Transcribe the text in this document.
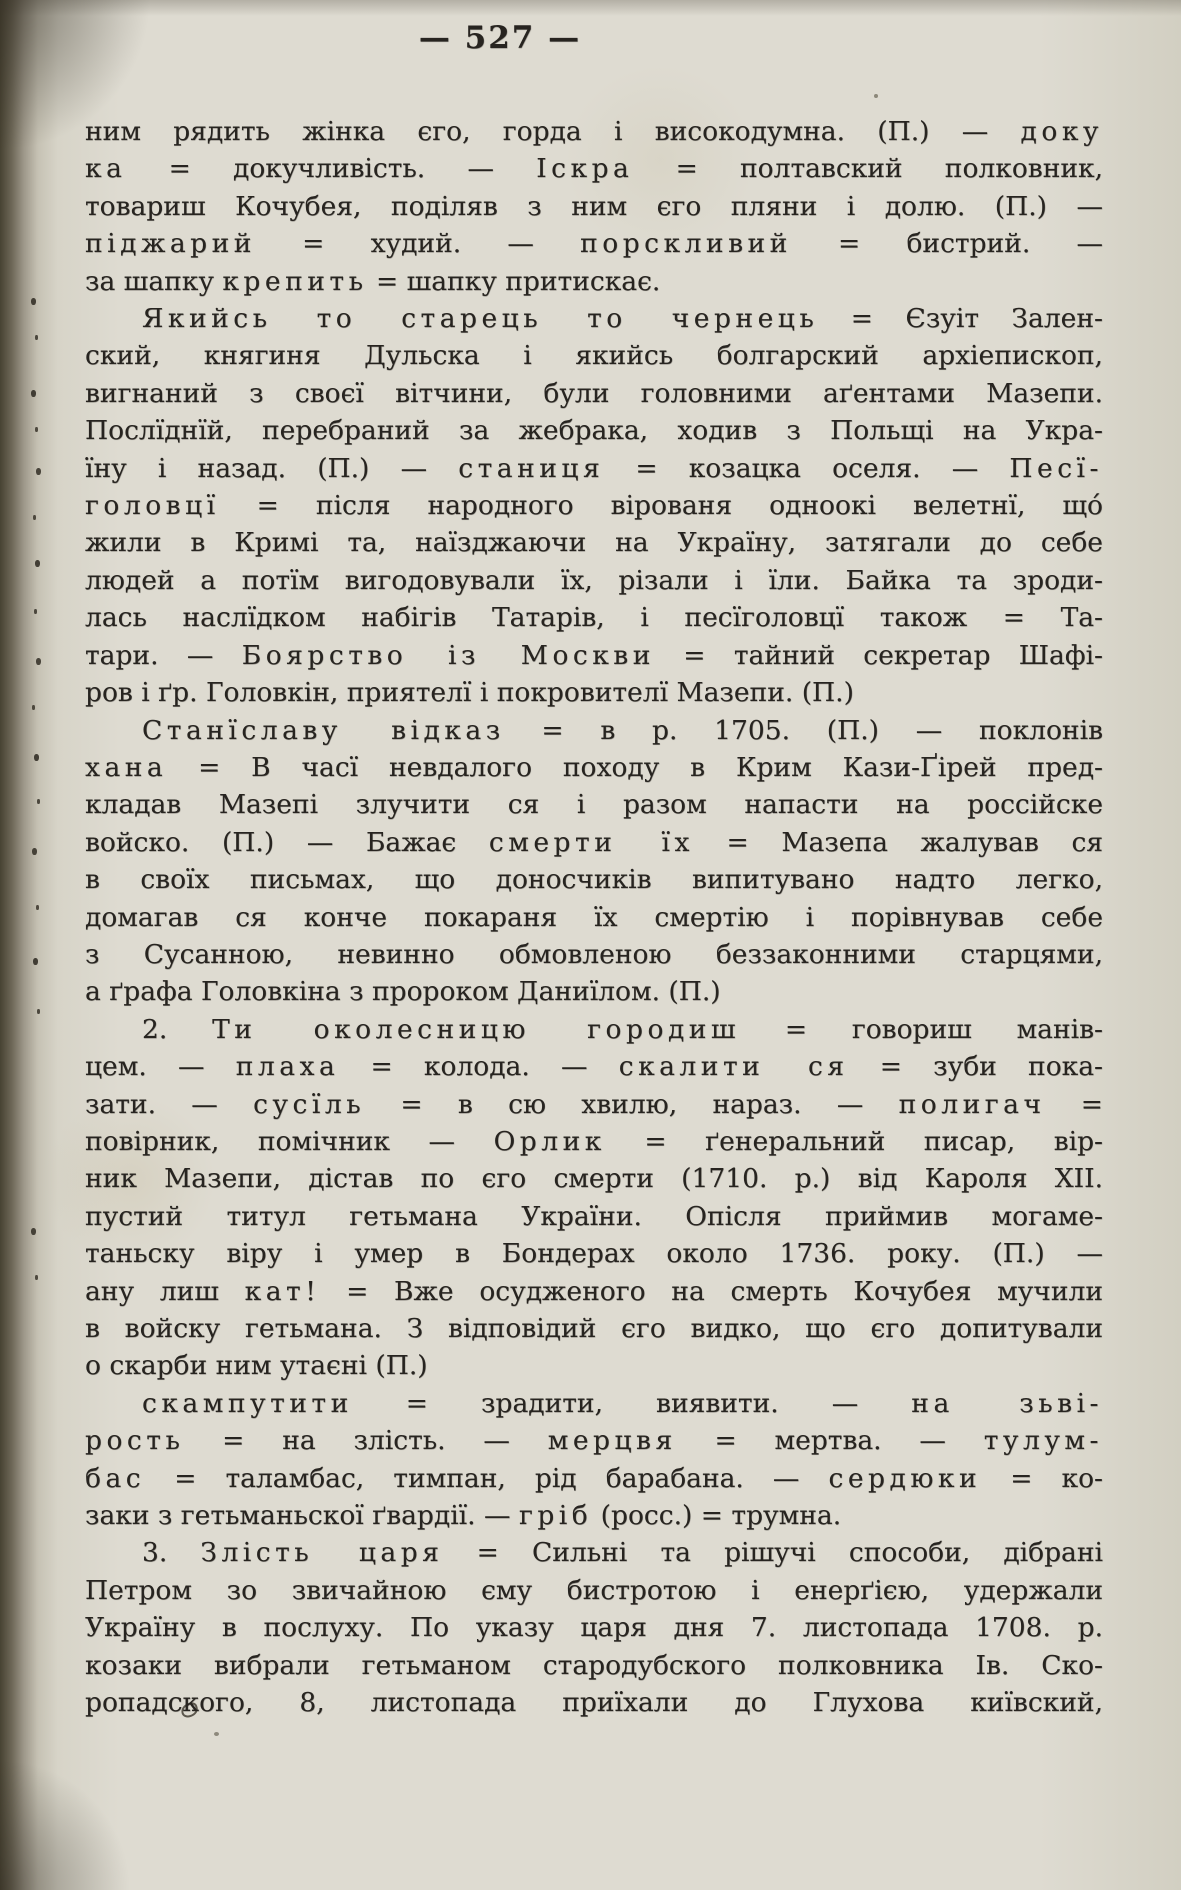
— 527 —
ним рядить жінка єго, горда і високодумна. (П.) — доку
ка = докучливість. — Іскра = полтавский полковник,
товариш Кочубея, поділяв з ним єго пляни і долю. (П.) —
піджарий = худий. — порскливий = бистрий. —
за шапку крепить = шапку притискає.
Якийсь то старець то чернець = Єзуіт Зален-
ский, княгиня Дульска і якийсь болгарский архіепископ,
вигнаний з своєї вітчини, були головними аґентами Мазепи.
Послїднїй, перебраний за жебрака, ходив з Польщі на Укра-
їну і назад. (П.) — станиця = козацка оселя. — Песї-
головцї = після народного вірованя одноокі велетнї, щó
жили в Кримі та, наїзджаючи на Україну, затягали до себе
людей а потїм вигодовували їх, різали і їли. Байка та зроди-
лась наслїдком набігів Татарів, і песїголовцї також = Та-
тари. — Боярство із Москви = тайний секретар Шафі-
ров і ґр. Головкін, приятелї і покровителї Мазепи. (П.)
Станїславу відказ = в р. 1705. (П.) — поклонів
хана = В часї невдалого походу в Крим Кази-Ґірей пред-
кладав Мазепі злучити ся і разом напасти на россійске
войско. (П.) — Бажає смерти їх = Мазепа жалував ся
в своїх письмах, що доносчиків випитувано надто легко,
домагав ся конче покараня їх смертію і порівнував себе
з Сусанною, невинно обмовленою беззаконними старцями,
а ґрафа Головкіна з пророком Даниїлом. (П.)
2. Ти околесницю городиш = говориш манів-
цем. — плаха = колода. — скалити ся = зуби пока-
зати. — сусїль = в сю хвилю, нараз. — полигач =
повірник, помічник — Орлик = ґенеральний писар, вір-
ник Мазепи, дістав по єго смерти (1710. р.) від Кароля XII.
пустий титул гетьмана України. Опісля приймив могаме-
таньску віру і умер в Бондерах около 1736. року. (П.) —
ану лиш кат! = Вже осудженого на смерть Кочубея мучили
в войску гетьмана. З відповідий єго видко, що єго допитували
о скарби ним утаєні (П.)
скампутити = зрадити, виявити. — на зьві-
рость = на злість. — мерцвя = мертва. — тулум-
бас = таламбас, тимпан, рід барабана. — сердюки = ко-
заки з гетьманьскої ґвардії. — гріб (росс.) = трумна.
3. Злість царя = Сильні та рішучі способи, дібрані
Петром зо звичайною єму бистротою і енерґією, удержали
Україну в послуху. По указу царя дня 7. листопада 1708. р.
козаки вибрали гетьманом стародубского полковника Ів. Ско-
ропадского, 8, листопада приїхали до Глухова київский,
